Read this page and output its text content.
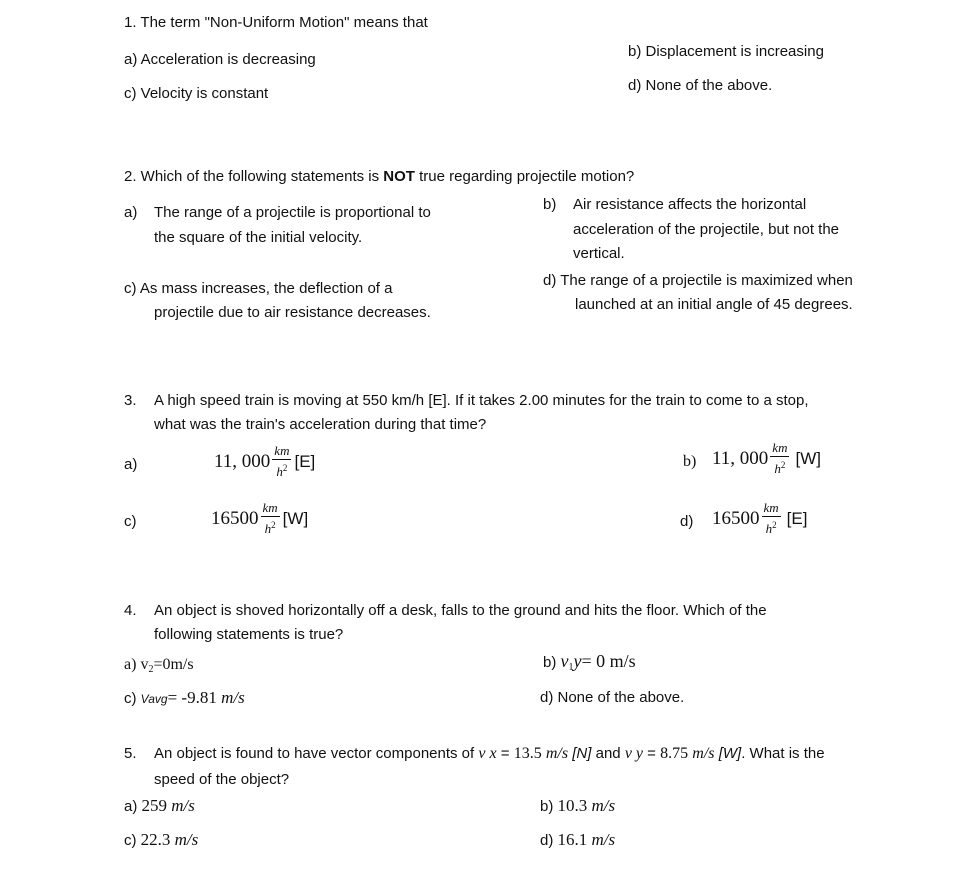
1. The term "Non-Uniform Motion" means that
a) Acceleration is decreasing	b) Displacement is increasing
c) Velocity is constant	d) None of the above.
2. Which of the following statements is NOT true regarding projectile motion?
a) The range of a projectile is proportional to
the square of the initial velocity.
b) Air resistance affects the horizontal
acceleration of the projectile, but not the
vertical.
c) As mass increases, the deflection of a
projectile due to air resistance decreases.
d) The range of a projectile is maximized when
launched at an initial angle of 45 degrees.
3. A high speed train is moving at 550 km/h [E]. If it takes 2.00 minutes for the train to come to a stop,
what was the train's acceleration during that time?
a)	11, $000 \frac{km}{h^2} [E]$	b) 11, $000 \frac{km}{h^2} [W]$
c)	$16500 \frac{km}{h^2} [W]$	d) $16500 \frac{km}{h^2} [E]$
4. An object is shoved horizontally off a desk, falls to the ground and hits the floor. Which of the
following statements is true?
a) $v_2=0m/s$	b) $v_1y= 0$ m/s
c) Vavg= -9.81 m/s	d) None of the above.
5. An object is found to have vector components of v x = 13.5 m/s [N] and v y = 8.75 m/s [W]. What is the
speed of the object?
a) 259 m/s	b) 10.3 m/s
c) 22.3 m/s	d) 16.1 m/s
